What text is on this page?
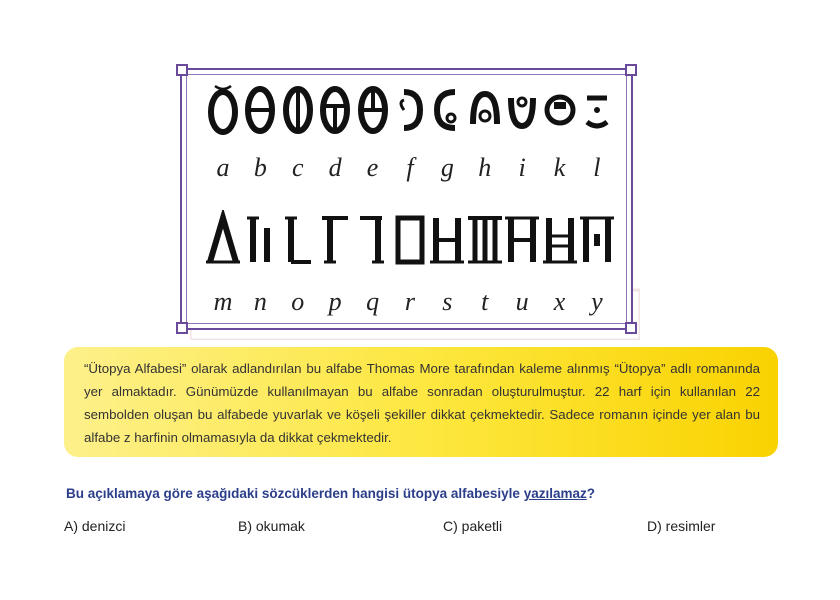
a b c d e	f	g h	i	k	l
m n o p q r	s	t	u x y
“Ütopya Alfabesi” olarak adlandırılan bu alfabe Thomas More tarafından kaleme alınmış “Ütopya” adlı romanında yer almaktadır. Günümüzde kullanılmayan bu alfabe sonradan oluşturulmuştur. 22 harf için kullanılan 22 sembolden oluşan bu alfabede yuvarlak ve köşeli şekiller dikkat çekmektedir. Sadece romanın içinde yer alan bu alfabe z harfinin olmamasıyla da dikkat çekmektedir.
Bu açıklamaya göre aşağıdaki sözcüklerden hangisi ütopya alfabesiyle yazılamaz?
A) denizci	B) okumak	C) paketli	D) resimler
